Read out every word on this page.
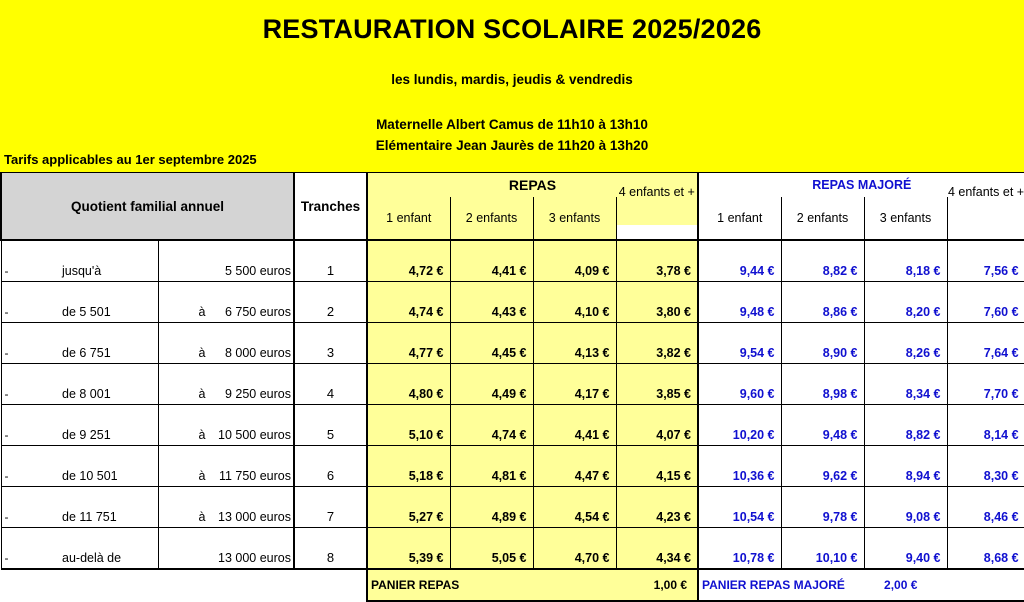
RESTAURATION SCOLAIRE 2025/2026
les lundis, mardis, jeudis & vendredis
Maternelle Albert Camus de 11h10 à 13h10
Elémentaire Jean Jaurès de 11h20 à 13h20
Tarifs applicables au 1er septembre 2025
Quotient familial annuel			Tranches	REPAS				REPAS MAJORÉ			
				1 enfant	2 enfants	3 enfants	4 enfants et +	1 enfant	2 enfants	3 enfants	4 enfants et +
-	jusqu'à	5 500 euros	1	4,72 €	4,41 €	4,09 €	3,78 €	9,44 €	8,82 €	8,18 €	7,56 €
-	de 5 501	à 6 750 euros	2	4,74 €	4,43 €	4,10 €	3,80 €	9,48 €	8,86 €	8,20 €	7,60 €
-	de 6 751	à 8 000 euros	3	4,77 €	4,45 €	4,13 €	3,82 €	9,54 €	8,90 €	8,26 €	7,64 €
-	de 8 001	à 9 250 euros	4	4,80 €	4,49 €	4,17 €	3,85 €	9,60 €	8,98 €	8,34 €	7,70 €
-	de 9 251	à 10 500 euros	5	5,10 €	4,74 €	4,41 €	4,07 €	10,20 €	9,48 €	8,82 €	8,14 €
-	de 10 501	à 11 750 euros	6	5,18 €	4,81 €	4,47 €	4,15 €	10,36 €	9,62 €	8,94 €	8,30 €
-	de 11 751	à 13 000 euros	7	5,27 €	4,89 €	4,54 €	4,23 €	10,54 €	9,78 €	9,08 €	8,46 €
-	au-delà de	13 000 euros	8	5,39 €	5,05 €	4,70 €	4,34 €	10,78 €	10,10 €	9,40 €	8,68 €
				PANIER REPAS		1,00 €		PANIER REPAS MAJORÉ		2,00 €	
